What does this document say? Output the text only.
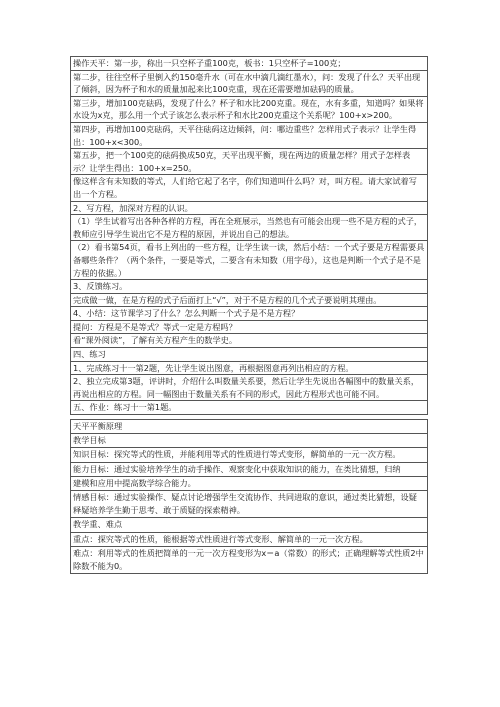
操作天平：第一步，称出一只空杯子重100克，板书：1只空杯子=100克；
第二步，往往空杯子里倒入约150毫升水（可在水中滴几滴红墨水），问：发现了什么？天平出现了倾斜，因为杯子和水的质量加起来比100克重，现在还需要增加砝码的质量。
第三步，增加100克砝码，发现了什么？杯子和水比200克重。现在，水有多重，知道吗？如果将水设为x克，那么用一个式子该怎么表示杯子和水比200克重这个关系呢？100+x>200。
第四步，再增加100克砝码，天平往砝码这边倾斜，问：哪边重些？怎样用式子表示？让学生得出：100+x<300。
第五步，把一个100克的砝码换成50克，天平出现平衡，现在两边的质量怎样？用式子怎样表示？让学生得出：100+x=250。
像这样含有未知数的等式，人们给它起了名字，你们知道叫什么吗？对，叫方程。请大家试着写出一个方程。
2、写方程，加深对方程的认识。
（1）学生试着写出各种各样的方程，再在全班展示，当然也有可能会出现一些不是方程的式子，教师应引导学生说出它不是方程的原因，并说出自己的想法。
（2）看书第54页，看书上列出的一些方程，让学生读一读，然后小结：一个式子要是方程需要具备哪些条件？（两个条件，一要是等式，二要含有未知数（用字母），这也是判断一个式子是不是方程的依据。）
3、反馈练习。
完成做一做，在是方程的式子后面打上“√”，对于不是方程的几个式子要说明其理由。
4、小结：这节课学习了什么？怎么判断一个式子是不是方程？
提问：方程是不是等式？等式一定是方程吗？
看“课外阅读”，了解有关方程产生的数学史。
四、练习
1、完成练习十一第2题，先让学生说出图意，再根据图意再列出相应的方程。
2、独立完成第3题，评讲时，介绍什么叫数量关系要，然后让学生先说出各幅图中的数量关系，再说出相应的方程。同一幅图由于数量关系有不同的形式，因此方程形式也可能不同。
五、作业：练习十一第1题。
天平平衡原理
教学目标
知识目标：探究等式的性质，并能利用等式的性质进行等式变形，解简单的一元一次方程。
能力目标：通过实验培养学生的动手操作、观察变化中获取知识的能力，在类比猜想，归纳
建模和应用中提高数学综合能力。
情感目标：通过实验操作、疑点讨论增强学生交流协作、共同进取的意识，通过类比猜想，设疑释疑培养学生勤于思考、敢于质疑的探索精神。
教学重、难点
重点：探究等式的性质，能根据等式性质进行等式变形、解简单的一元一次方程。
难点：利用等式的性质把简单的一元一次方程变形为x＝a（常数）的形式；正确理解等式性质2中除数不能为0。
